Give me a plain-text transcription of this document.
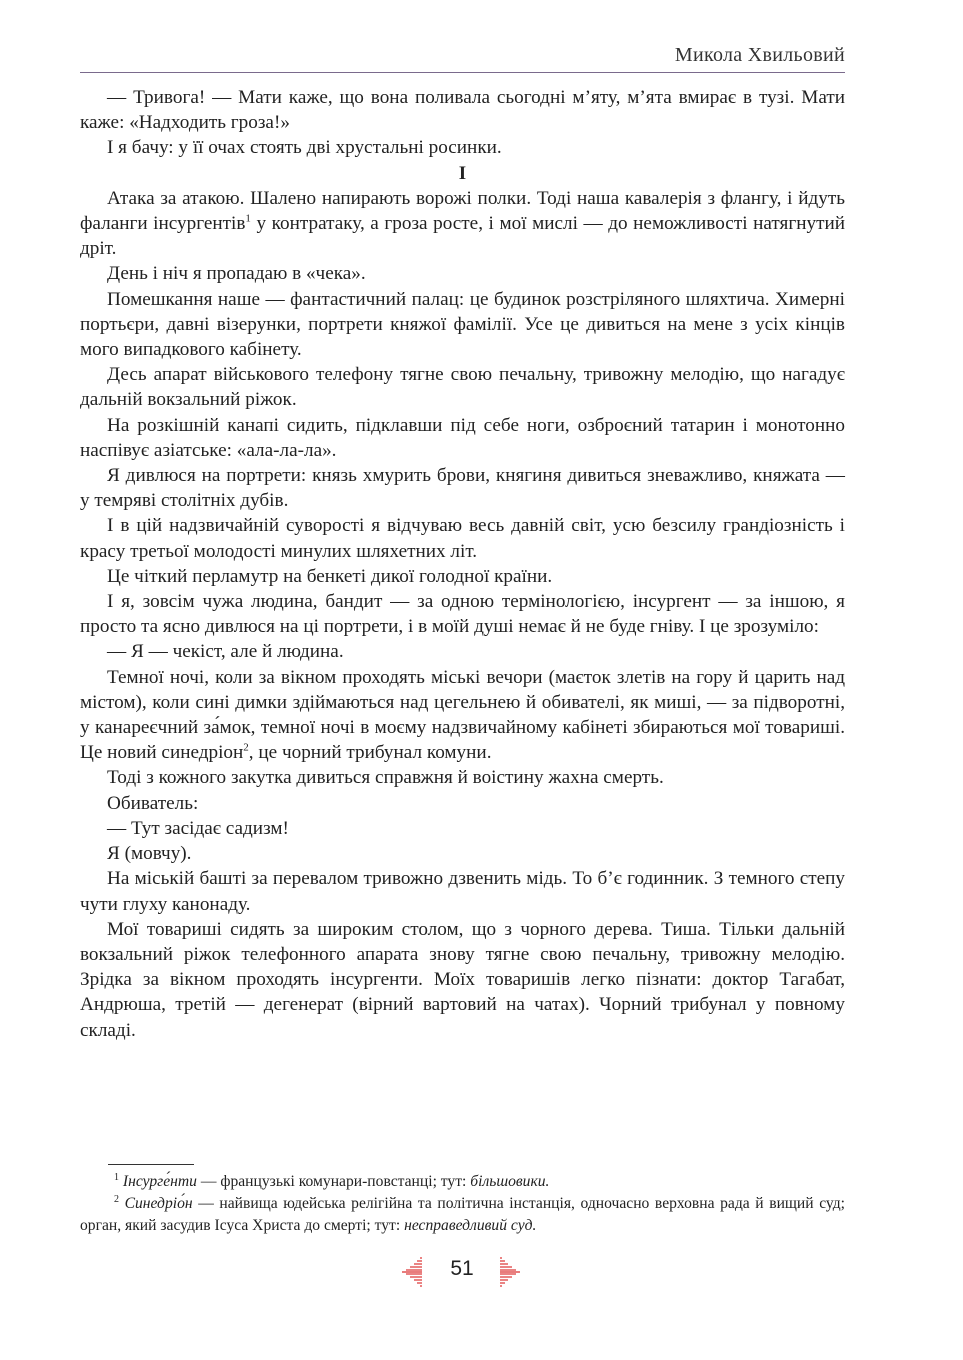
Микола Хвильовий

— Тривога! — Мати каже, що вона поливала сьогодні м’яту, м’ята вмирає в тузі. Мати каже: «Надходить гроза!»

І я бачу: у її очах стоять дві хрустальні росинки.

І

Атака за атакою. Шалено напирають ворожі полки. Тоді наша кавалерія з флангу, і йдуть фаланги інсургентів$^1$ у контратаку, а гроза росте, і мої мислі — до неможливості натягнутий дріт.

День і ніч я пропадаю в «чека».

Помешкання наше — фантастичний палац: це будинок розстріляного шляхтича. Химерні портьєри, давні візерунки, портрети княжої фамілії. Усе це дивиться на мене з усіх кінців мого випадкового кабінету.

Десь апарат військового телефону тягне свою печальну, тривожну мелодію, що нагадує дальній вокзальний ріжок.

На розкішній канапі сидить, підклавши під себе ноги, озброєний татарин і монотонно наспівує азіатське: «ала-ла-ла».

Я дивлюся на портрети: князь хмурить брови, княгиня дивиться зневажливо, княжата — у темряві столітніх дубів.

І в цій надзвичайній суворості я відчуваю весь давній світ, усю безсилу грандіозність і красу третьої молодості минулих шляхетних літ.

Це чіткий перламутр на бенкеті дикої голодної країни.

І я, зовсім чужа людина, бандит — за одною термінологією, інсургент — за іншою, я просто та ясно дивлюся на ці портрети, і в моїй душі немає й не буде гніву. І це зрозуміло:

— Я — чекіст, але й людина.

Темної ночі, коли за вікном проходять міські вечори (маєток злетів на гору й царить над містом), коли сині димки здіймаються над цегельнею й обивателі, як миші, — за підворотні, у канареєчний за́мок, темної ночі в моєму надзвичайному кабінеті збираються мої товариші. Це новий синедріон$^2$, це чорний трибунал комуни.

Тоді з кожного закутка дивиться справжня й воістину жахна смерть.

Обиватель:

— Тут засідає садизм!

Я (мовчу).

На міській башті за перевалом тривожно дзвенить мідь. То б’є годинник. З темного степу чути глуху канонаду.

Мої товариші сидять за широким столом, що з чорного дерева. Тиша. Тільки дальній вокзальний ріжок телефонного апарата знову тягне свою печальну, тривожну мелодію. Зрідка за вікном проходять інсургенти. Моїх товаришів легко пізнати: доктор Тагабат, Андрюша, третій — дегенерат (вірний вартовий на чатах). Чорний трибунал у повному складі.

$^1$ Інсурге́нти — французькі комунари-повстанці; тут: більшовики.

$^2$ Синедріо́н — найвища юдейська релігійна та політична інстанція, одночасно верховна рада й вищий суд; орган, який засудив Ісуса Христа до смерті; тут: несправедливий суд.

51
